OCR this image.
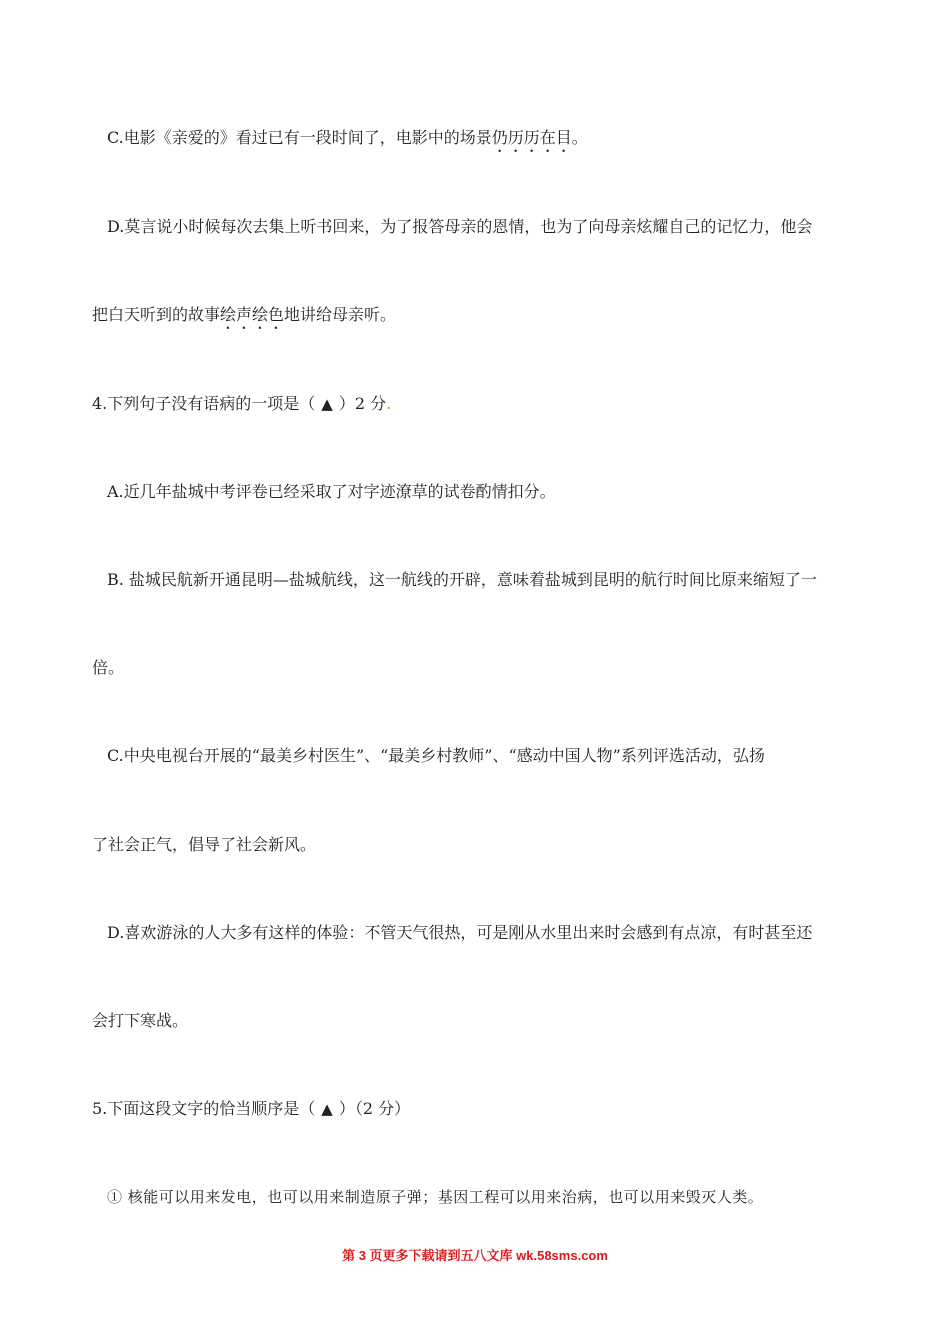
C.电影《亲爱的》看过已有一段时间了，电影中的场景仍历历在目。
D.莫言说小时候每次去集上听书回来，为了报答母亲的恩情，也为了向母亲炫耀自己的记忆力，他会
把白天听到的故事绘声绘色地讲给母亲听。
4.下列句子没有语病的一项是（ ▲ ）2 分.
A.近几年盐城中考评卷已经采取了对字迹潦草的试卷酌情扣分。
B. 盐城民航新开通昆明—盐城航线，这一航线的开辟，意味着盐城到昆明的航行时间比原来缩短了一
倍。
C.中央电视台开展的“最美乡村医生”、“最美乡村教师”、“感动中国人物”系列评选活动，弘扬
了社会正气，倡导了社会新风。
D.喜欢游泳的人大多有这样的体验：不管天气很热，可是刚从水里出来时会感到有点凉，有时甚至还
会打下寒战。
5.下面这段文字的恰当顺序是（ ▲ ）（2 分）
① 核能可以用来发电，也可以用来制造原子弹；基因工程可以用来治病，也可以用来毁灭人类。
第 3 页更多下载请到五八文库 wk.58sms.com
